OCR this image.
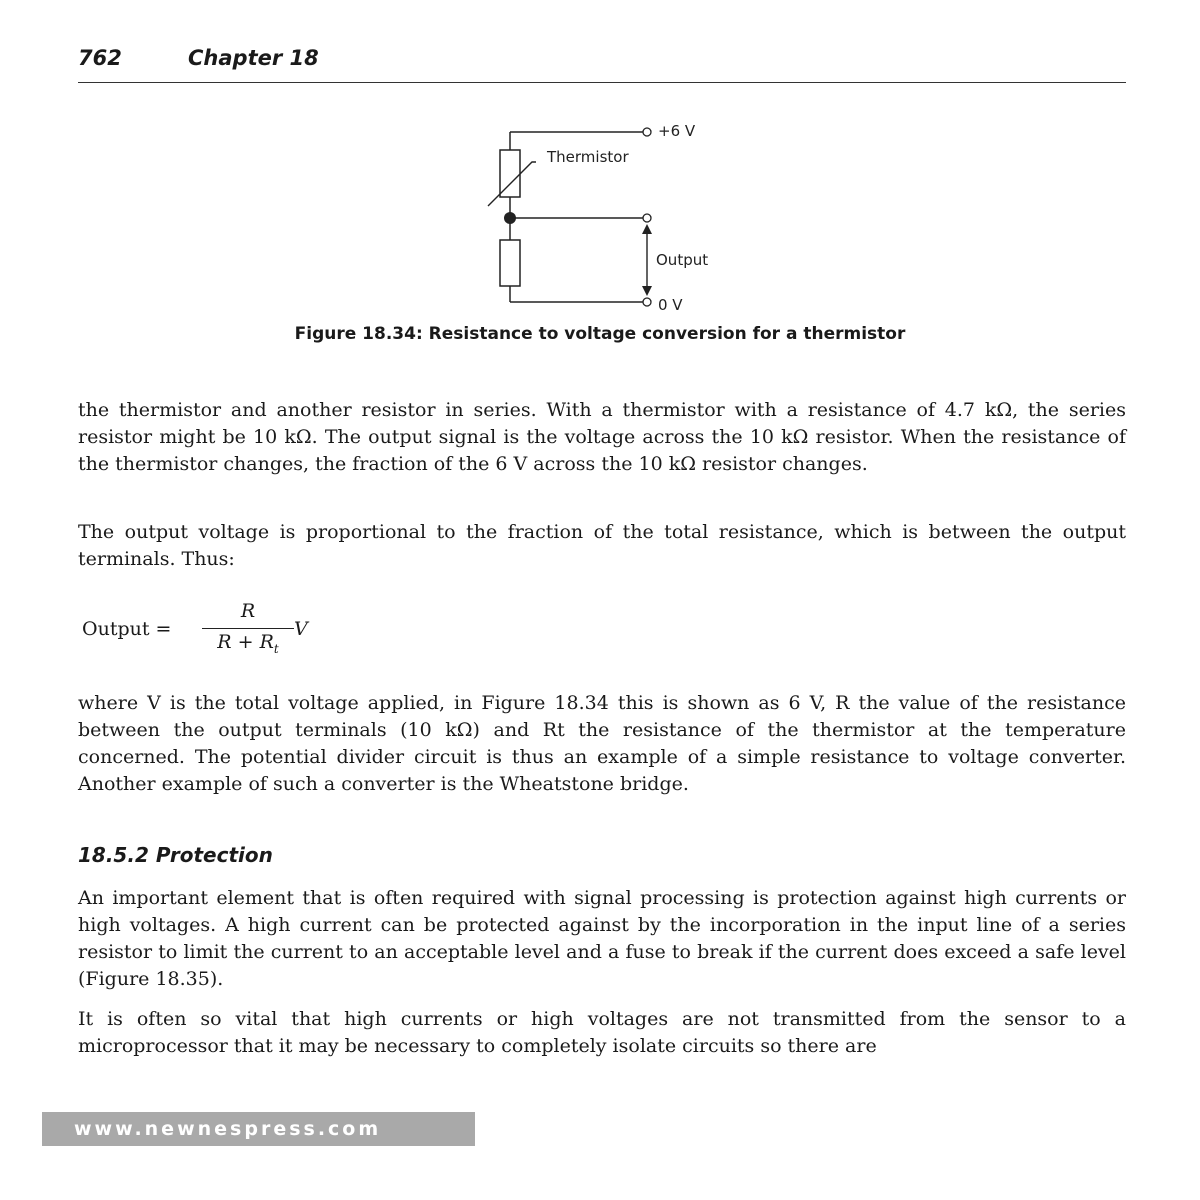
762	Chapter 18
+6 V
Thermistor
Output
0 V
Figure 18.34: Resistance to voltage conversion for a thermistor

the thermistor and another resistor in series. With a thermistor with a resistance of 4.7 kΩ, the series resistor might be 10 kΩ. The output signal is the voltage across the 10 kΩ resistor. When the resistance of the thermistor changes, the fraction of the 6 V across the 10 kΩ resistor changes.

The output voltage is proportional to the fraction of the total resistance, which is between the output terminals. Thus:

Output =
R
$R + R_t$
V

where V is the total voltage applied, in Figure 18.34 this is shown as 6 V, R the value of the resistance between the output terminals (10 kΩ) and Rt the resistance of the thermistor at the temperature concerned. The potential divider circuit is thus an example of a simple resistance to voltage converter. Another example of such a converter is the Wheatstone bridge.

18.5.2 Protection

An important element that is often required with signal processing is protection against high currents or high voltages. A high current can be protected against by the incorporation in the input line of a series resistor to limit the current to an acceptable level and a fuse to break if the current does exceed a safe level (Figure 18.35).

It is often so vital that high currents or high voltages are not transmitted from the sensor to a microprocessor that it may be necessary to completely isolate circuits so there are

www.newnespress.com
